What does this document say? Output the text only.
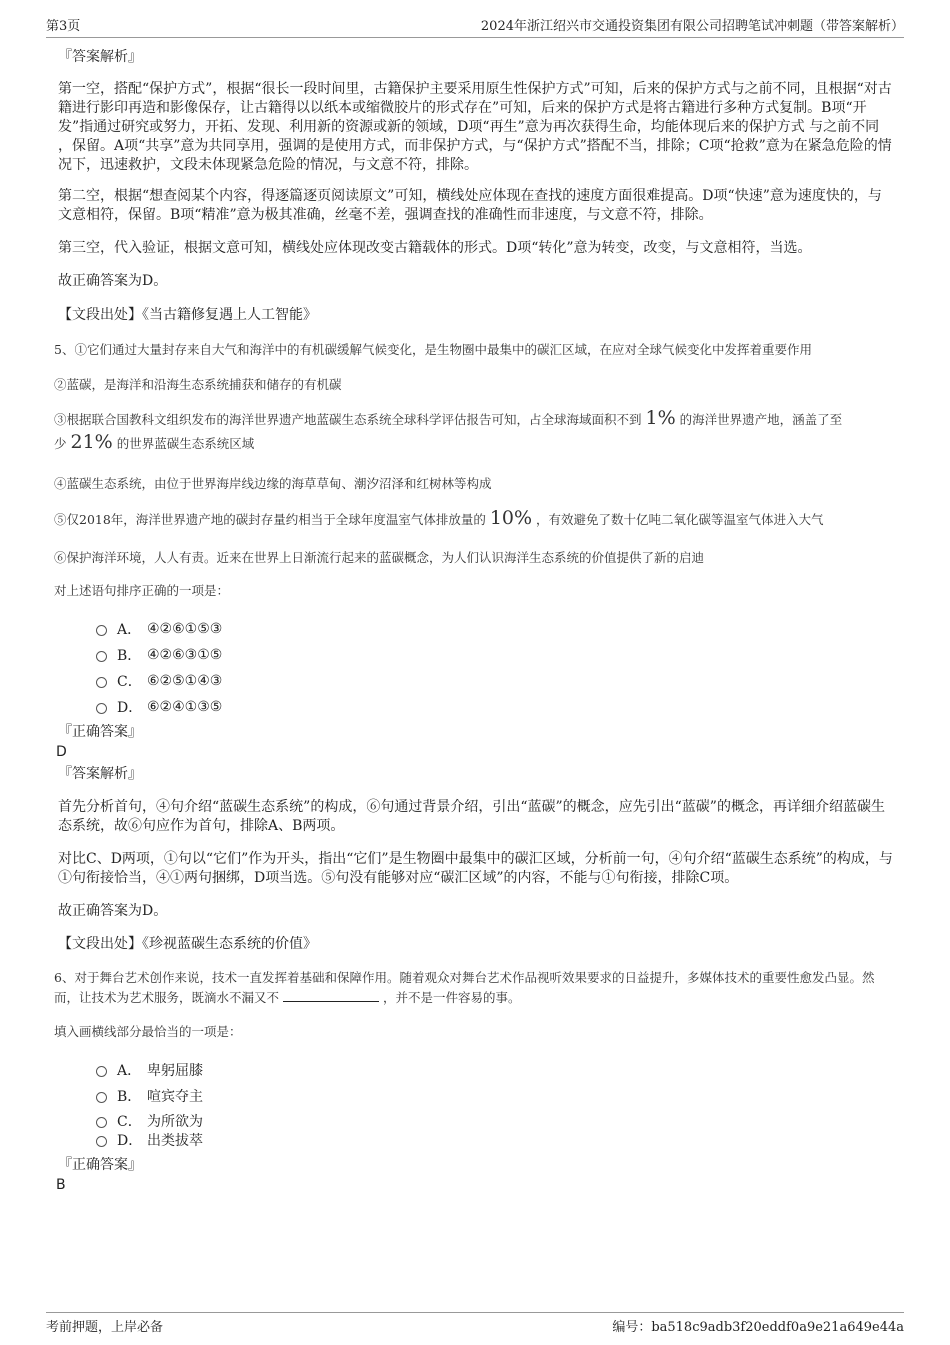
第3页	2024年浙江绍兴市交通投资集团有限公司招聘笔试冲刺题（带答案解析）

『答案解析』

第一空，搭配“保护方式”，根据“很长一段时间里，古籍保护主要采用原生性保护方式”可知，后来的保护方式与之前不同，且根据“对古籍进行影印再造和影像保存，让古籍得以以纸本或缩微胶片的形式存在”可知，后来的保护方式是将古籍进行多种方式复制。B项“开发”指通过研究或努力，开拓、发现、利用新的资源或新的领域，D项“再生”意为再次获得生命，均能体现后来的保护方式 与之前不同 ，保留。A项“共享”意为共同享用，强调的是使用方式，而非保护方式，与“保护方式”搭配不当，排除；C项“抢救”意为在紧急危险的情况下，迅速救护，文段未体现紧急危险的情况，与文意不符，排除。

第二空，根据“想查阅某个内容，得逐篇逐页阅读原文”可知，横线处应体现在查找的速度方面很难提高。D项“快速”意为速度快的，与文意相符，保留。B项“精准”意为极其准确，丝毫不差，强调查找的准确性而非速度，与文意不符，排除。

第三空，代入验证，根据文意可知，横线处应体现改变古籍载体的形式。D项“转化”意为转变，改变，与文意相符，当选。

故正确答案为D。

【文段出处】《当古籍修复遇上人工智能》

5、①它们通过大量封存来自大气和海洋中的有机碳缓解气候变化，是生物圈中最集中的碳汇区域，在应对全球气候变化中发挥着重要作用

②蓝碳，是海洋和沿海生态系统捕获和储存的有机碳

③根据联合国教科文组织发布的海洋世界遗产地蓝碳生态系统全球科学评估报告可知，占全球海域面积不到 1% 的海洋世界遗产地，涵盖了至
少 21% 的世界蓝碳生态系统区域

④蓝碳生态系统，由位于世界海岸线边缘的海草草甸、潮汐沼泽和红树林等构成

⑤仅2018年，海洋世界遗产地的碳封存量约相当于全球年度温室气体排放量的 10% ，有效避免了数十亿吨二氧化碳等温室气体进入大气

⑥保护海洋环境，人人有责。近来在世界上日渐流行起来的蓝碳概念，为人们认识海洋生态系统的价值提供了新的启迪

对上述语句排序正确的一项是：

A． ④②⑥①⑤③
B． ④②⑥③①⑤
C． ⑥②⑤①④③
D． ⑥②④①③⑤

『正确答案』

D

『答案解析』

首先分析首句，④句介绍“蓝碳生态系统”的构成，⑥句通过背景介绍，引出“蓝碳”的概念，应先引出“蓝碳”的概念，再详细介绍蓝碳生态系统，故⑥句应作为首句，排除A、B两项。

对比C、D两项，①句以“它们”作为开头，指出“它们”是生物圈中最集中的碳汇区域，分析前一句，④句介绍“蓝碳生态系统”的构成，与①句衔接恰当，④①两句捆绑，D项当选。⑤句没有能够对应“碳汇区域”的内容，不能与①句衔接，排除C项。

故正确答案为D。

【文段出处】《珍视蓝碳生态系统的价值》

6、对于舞台艺术创作来说，技术一直发挥着基础和保障作用。随着观众对舞台艺术作品视听效果要求的日益提升，多媒体技术的重要性愈发凸显。然而，让技术为艺术服务，既滴水不漏又不	，并不是一件容易的事。

填入画横线部分最恰当的一项是：

A． 卑躬屈膝
B． 喧宾夺主
C． 为所欲为
D． 出类拔萃

『正确答案』

B

考前押题，上岸必备	编号：ba518c9adb3f20eddf0a9e21a649e44a
